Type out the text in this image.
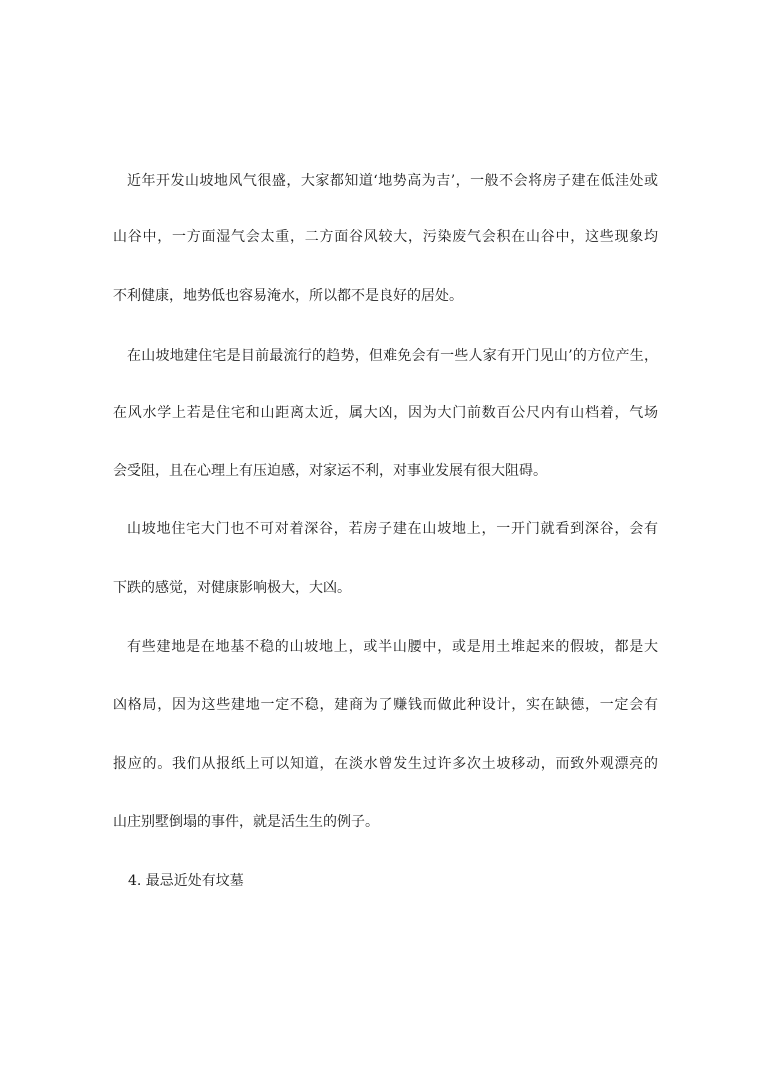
近年开发山坡地风气很盛，大家都知道‘地势高为吉’，一般不会将房子建在低洼处或
山谷中，一方面湿气会太重，二方面谷风较大，污染废气会积在山谷中，这些现象均
不利健康，地势低也容易淹水，所以都不是良好的居处。
在山坡地建住宅是目前最流行的趋势，但难免会有一些人家有开门见山’的方位产生，
在风水学上若是住宅和山距离太近，属大凶，因为大门前数百公尺内有山档着，气场
会受阻，且在心理上有压迫感，对家运不利，对事业发展有很大阻碍。
山坡地住宅大门也不可对着深谷，若房子建在山坡地上，一开门就看到深谷，会有
下跌的感觉，对健康影响极大，大凶。
有些建地是在地基不稳的山坡地上，或半山腰中，或是用土堆起来的假坡，都是大
凶格局，因为这些建地一定不稳，建商为了赚钱而做此种设计，实在缺德，一定会有
报应的。我们从报纸上可以知道，在淡水曾发生过许多次土坡移动，而致外观漂亮的
山庄别墅倒塌的事件，就是活生生的例子。
4. 最忌近处有坟墓
